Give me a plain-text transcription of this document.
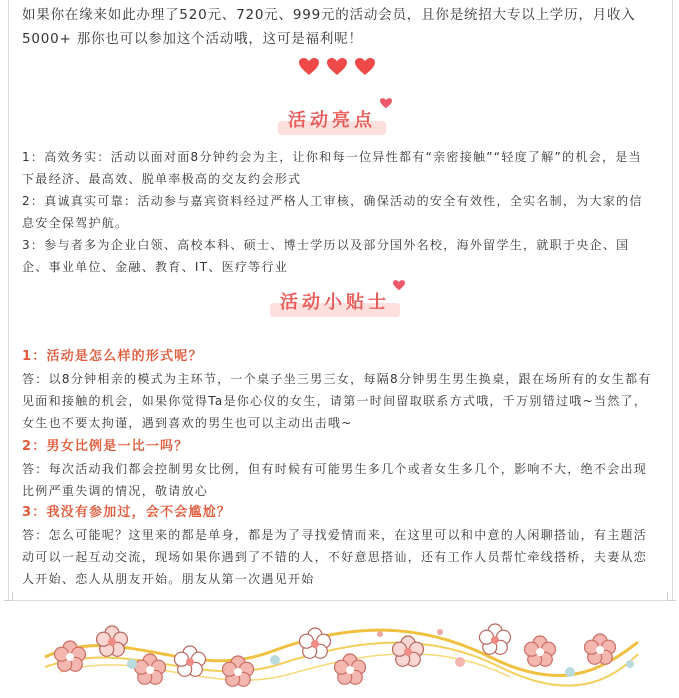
如果你在缘来如此办理了520元、720元、999元的活动会员，且你是统招大专以上学历，月收入5000+ 那你也可以参加这个活动哦，这可是福利呢！
活动亮点
1：高效务实：活动以面对面8分钟约会为主，让你和每一位异性都有“亲密接触”“轻度了解”的机会，是当下最经济、最高效、脱单率极高的交友约会形式
2：真诚真实可靠：活动参与嘉宾资料经过严格人工审核，确保活动的安全有效性，全实名制，为大家的信息安全保驾护航。
3：参与者多为企业白领、高校本科、硕士、博士学历以及部分国外名校，海外留学生，就职于央企、国企、事业单位、金融、教育、IT、医疗等行业
活动小贴士
1：活动是怎么样的形式呢？
答：以8分钟相亲的模式为主环节，一个桌子坐三男三女，每隔8分钟男生男生换桌，跟在场所有的女生都有见面和接触的机会，如果你觉得Ta是你心仪的女生，请第一时间留取联系方式哦，千万别错过哦~当然了，女生也不要太拘谨，遇到喜欢的男生也可以主动出击哦~
2：男女比例是一比一吗？
答：每次活动我们都会控制男女比例，但有时候有可能男生多几个或者女生多几个，影响不大，绝不会出现比例严重失调的情况，敬请放心
3：我没有参加过，会不会尴尬？
答：怎么可能呢？这里来的都是单身，都是为了寻找爱情而来，在这里可以和中意的人闲聊搭讪，有主题活动可以一起互动交流，现场如果你遇到了不错的人，不好意思搭讪，还有工作人员帮忙牵线搭桥，夫妻从恋人开始、恋人从朋友开始。朋友从第一次遇见开始
